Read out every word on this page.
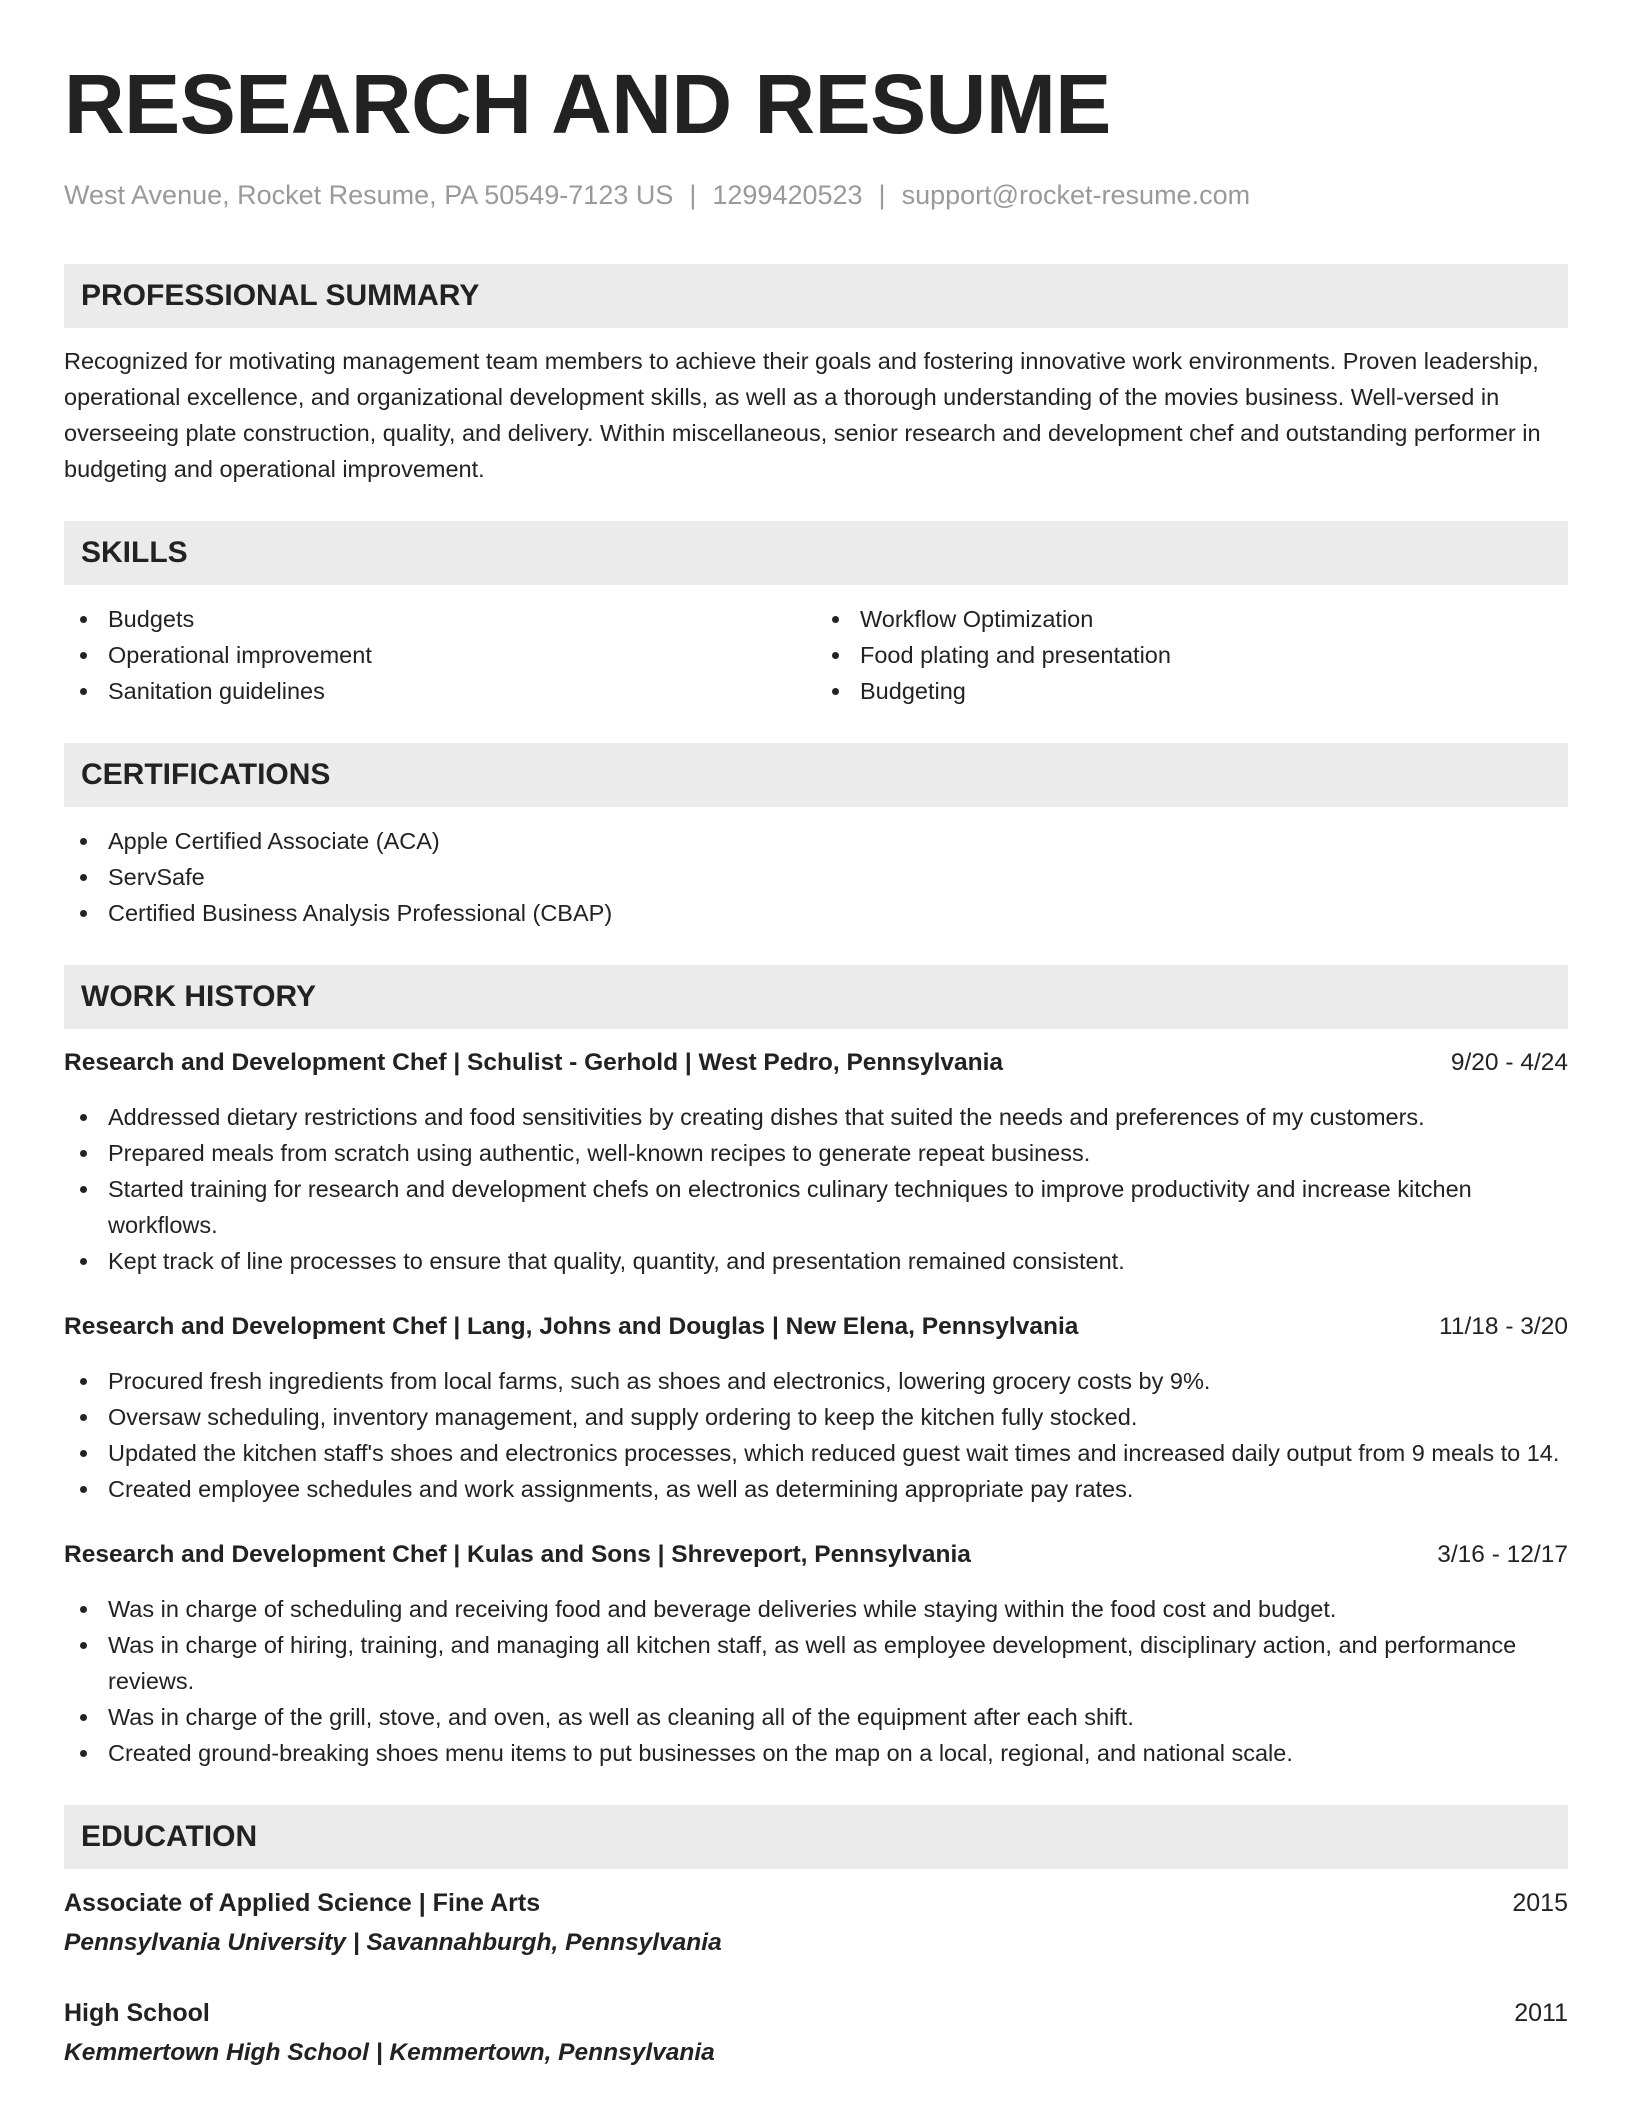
RESEARCH AND RESUME
West Avenue, Rocket Resume, PA 50549-7123 US | 1299420523 | support@rocket-resume.com
PROFESSIONAL SUMMARY

Recognized for motivating management team members to achieve their goals and fostering innovative work environments. Proven leadership, operational excellence, and organizational development skills, as well as a thorough understanding of the movies business. Well-versed in overseeing plate construction, quality, and delivery. Within miscellaneous, senior research and development chef and outstanding performer in budgeting and operational improvement.

SKILLS
Budgets
Operational improvement
Sanitation guidelines
Workflow Optimization
Food plating and presentation
Budgeting
CERTIFICATIONS
Apple Certified Associate (ACA)
ServSafe
Certified Business Analysis Professional (CBAP)
WORK HISTORY
Research and Development Chef | Schulist - Gerhold | West Pedro, Pennsylvania	9/20 - 4/24
Addressed dietary restrictions and food sensitivities by creating dishes that suited the needs and preferences of my customers.
Prepared meals from scratch using authentic, well-known recipes to generate repeat business.
Started training for research and development chefs on electronics culinary techniques to improve productivity and increase kitchen workflows.
Kept track of line processes to ensure that quality, quantity, and presentation remained consistent.
Research and Development Chef | Lang, Johns and Douglas | New Elena, Pennsylvania	11/18 - 3/20
Procured fresh ingredients from local farms, such as shoes and electronics, lowering grocery costs by 9%.
Oversaw scheduling, inventory management, and supply ordering to keep the kitchen fully stocked.
Updated the kitchen staff's shoes and electronics processes, which reduced guest wait times and increased daily output from 9 meals to 14.
Created employee schedules and work assignments, as well as determining appropriate pay rates.
Research and Development Chef | Kulas and Sons | Shreveport, Pennsylvania	3/16 - 12/17
Was in charge of scheduling and receiving food and beverage deliveries while staying within the food cost and budget.
Was in charge of hiring, training, and managing all kitchen staff, as well as employee development, disciplinary action, and performance reviews.
Was in charge of the grill, stove, and oven, as well as cleaning all of the equipment after each shift.
Created ground-breaking shoes menu items to put businesses on the map on a local, regional, and national scale.
EDUCATION
Associate of Applied Science | Fine Arts	2015
Pennsylvania University | Savannahburgh, Pennsylvania
High School	2011
Kemmertown High School | Kemmertown, Pennsylvania
